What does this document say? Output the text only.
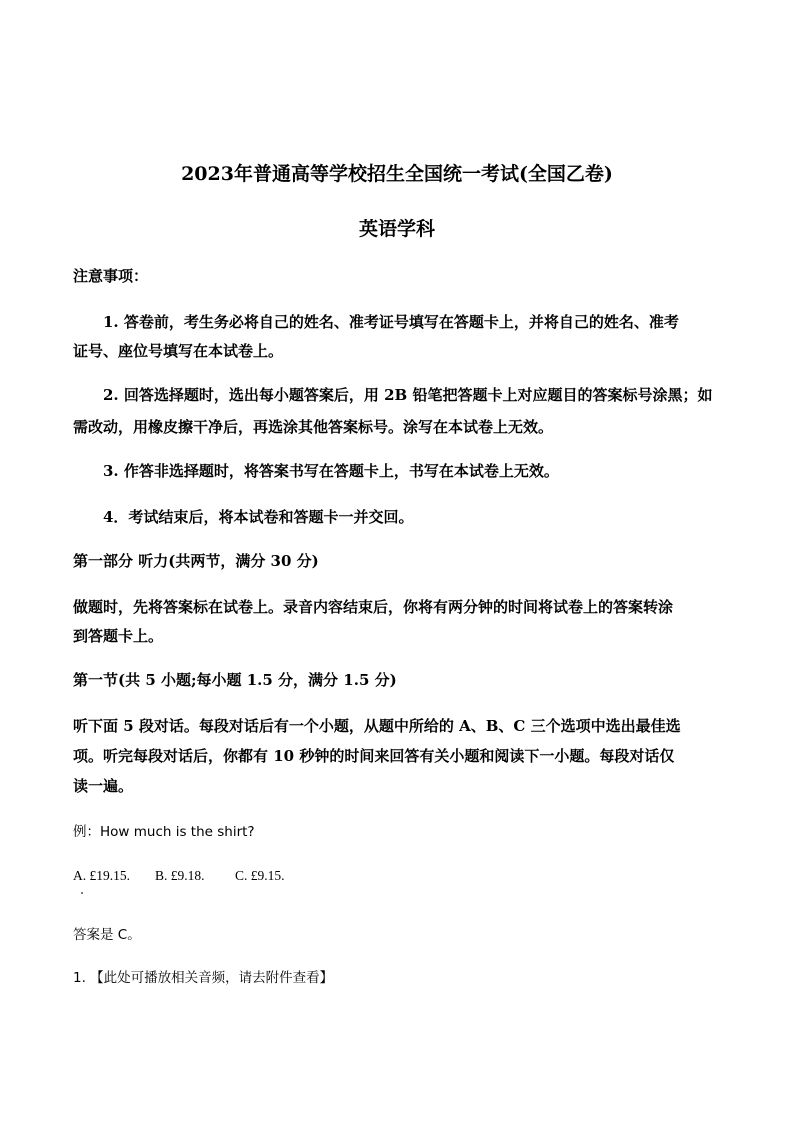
2023年普通高等学校招生全国统一考试(全国乙卷)
英语学科
注意事项：
1. 答卷前，考生务必将自己的姓名、准考证号填写在答题卡上，并将自己的姓名、准考
证号、座位号填写在本试卷上。
2. 回答选择题时，选出每小题答案后，用 2B 铅笔把答题卡上对应题目的答案标号涂黑；如
需改动，用橡皮擦干净后，再选涂其他答案标号。涂写在本试卷上无效。
3. 作答非选择题时，将答案书写在答题卡上，书写在本试卷上无效。
4．考试结束后，将本试卷和答题卡一并交回。
第一部分 听力(共两节，满分 30 分)
做题时，先将答案标在试卷上。录音内容结束后，你将有两分钟的时间将试卷上的答案转涂
到答题卡上。
第一节(共 5 小题;每小题 1.5 分，满分 1.5 分)
听下面 5 段对话。每段对话后有一个小题，从题中所给的 A、B、C 三个选项中选出最佳选
项。听完每段对话后，你都有 10 秒钟的时间来回答有关小题和阅读下一小题。每段对话仅
读一遍。
例：How much is the shirt?
A. £19.15. B. £9.18. C. £9.15.
答案是 C。
1. 【此处可播放相关音频，请去附件查看】
